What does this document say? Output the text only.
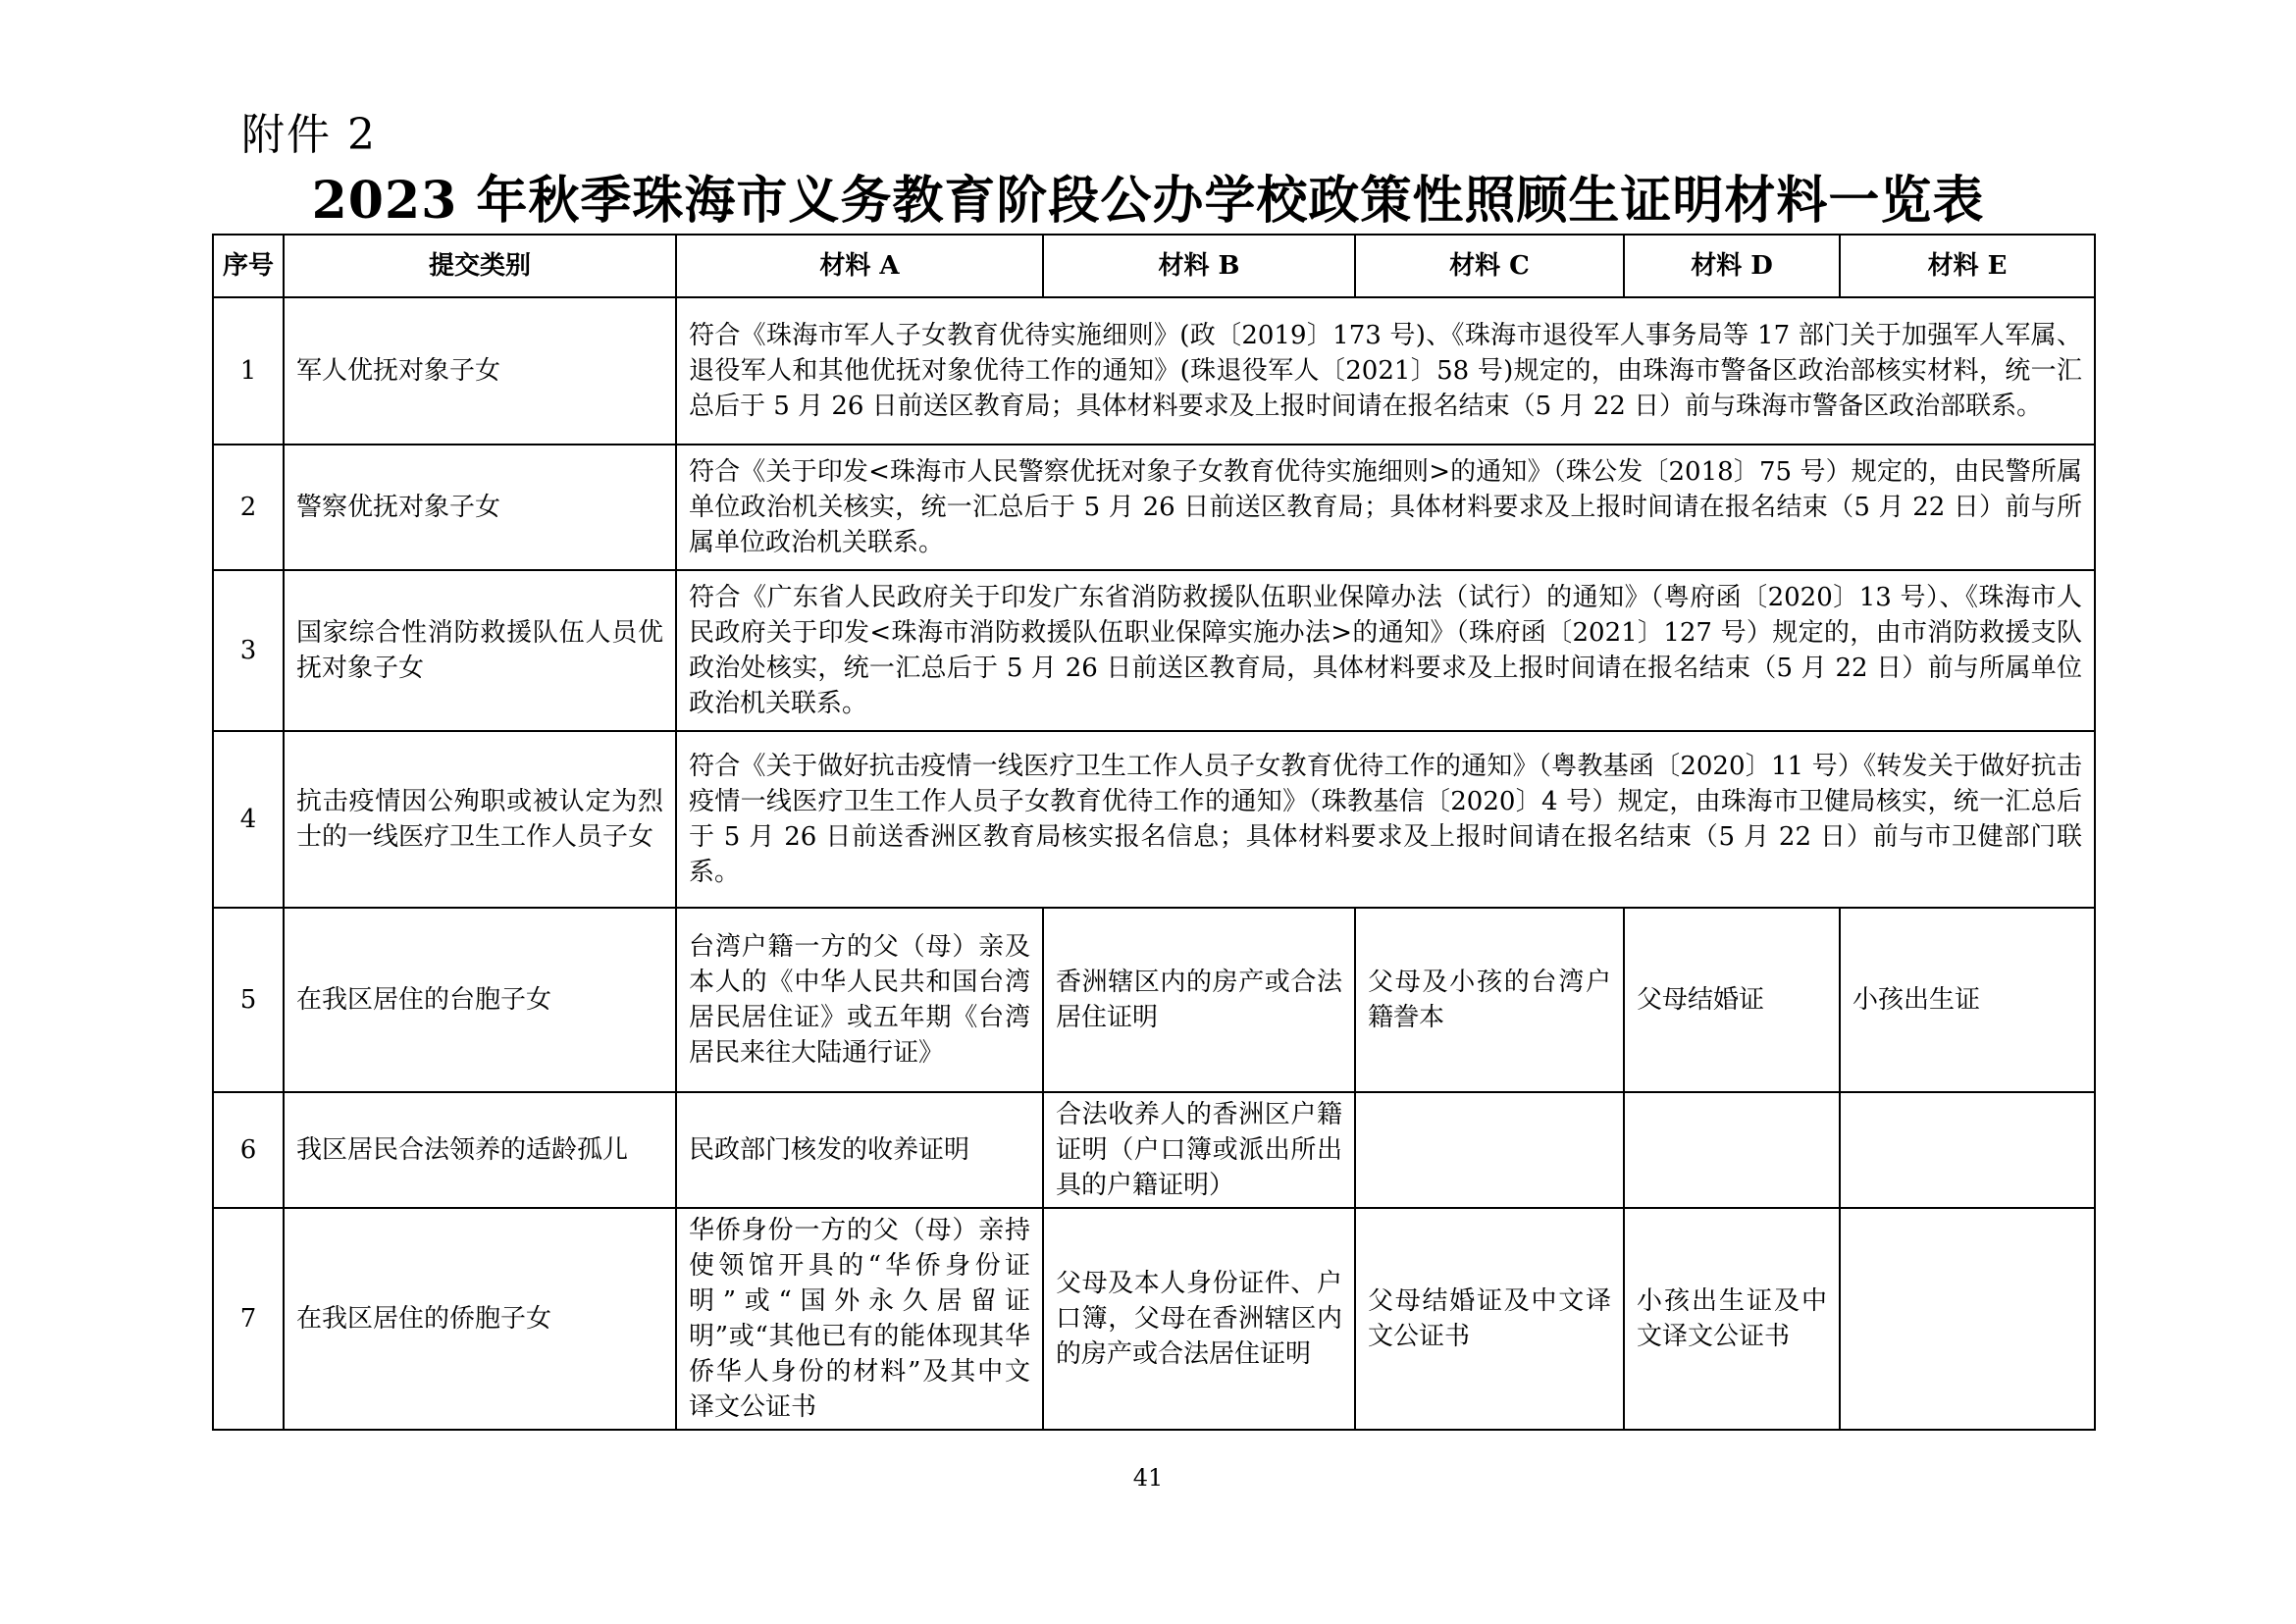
附件 2
2023 年秋季珠海市义务教育阶段公办学校政策性照顾生证明材料一览表
序号	提交类别	材料 A	材料 B	材料 C	材料 D	材料 E
1	军人优抚对象子女	符合《珠海市军人子女教育优待实施细则》(政〔2019〕173 号)、《珠海市退役军人事务局等 17 部门关于加强军人军属、退役军人和其他优抚对象优待工作的通知》(珠退役军人〔2021〕58 号)规定的，由珠海市警备区政治部核实材料，统一汇总后于 5 月 26 日前送区教育局；具体材料要求及上报时间请在报名结束（5 月 22 日）前与珠海市警备区政治部联系。				
2	警察优抚对象子女	符合《关于印发<珠海市人民警察优抚对象子女教育优待实施细则>的通知》（珠公发〔2018〕75 号）规定的，由民警所属单位政治机关核实，统一汇总后于 5 月 26 日前送区教育局；具体材料要求及上报时间请在报名结束（5 月 22 日）前与所属单位政治机关联系。				
3	国家综合性消防救援队伍人员优抚对象子女	符合《广东省人民政府关于印发广东省消防救援队伍职业保障办法（试行）的通知》（粤府函〔2020〕13 号）、《珠海市人民政府关于印发<珠海市消防救援队伍职业保障实施办法>的通知》（珠府函〔2021〕127 号）规定的，由市消防救援支队政治处核实，统一汇总后于 5 月 26 日前送区教育局，具体材料要求及上报时间请在报名结束（5 月 22 日）前与所属单位政治机关联系。				
4	抗击疫情因公殉职或被认定为烈士的一线医疗卫生工作人员子女	符合《关于做好抗击疫情一线医疗卫生工作人员子女教育优待工作的通知》（粤教基函〔2020〕11 号）《转发关于做好抗击疫情一线医疗卫生工作人员子女教育优待工作的通知》（珠教基信〔2020〕4 号）规定，由珠海市卫健局核实，统一汇总后于 5 月 26 日前送香洲区教育局核实报名信息；具体材料要求及上报时间请在报名结束（5 月 22 日）前与市卫健部门联系。				
5	在我区居住的台胞子女	台湾户籍一方的父（母）亲及本人的《中华人民共和国台湾居民居住证》或五年期《台湾居民来往大陆通行证》	香洲辖区内的房产或合法居住证明	父母及小孩的台湾户籍誊本	父母结婚证	小孩出生证
6	我区居民合法领养的适龄孤儿	民政部门核发的收养证明	合法收养人的香洲区户籍证明（户口簿或派出所出具的户籍证明）			
7	在我区居住的侨胞子女	华侨身份一方的父（母）亲持使领馆开具的“华侨身份证明”或“国外永久居留证明”或“其他已有的能体现其华侨华人身份的材料”及其中文译文公证书	父母及本人身份证件、户口簿，父母在香洲辖区内的房产或合法居住证明	父母结婚证及中文译文公证书	小孩出生证及中文译文公证书	
41
